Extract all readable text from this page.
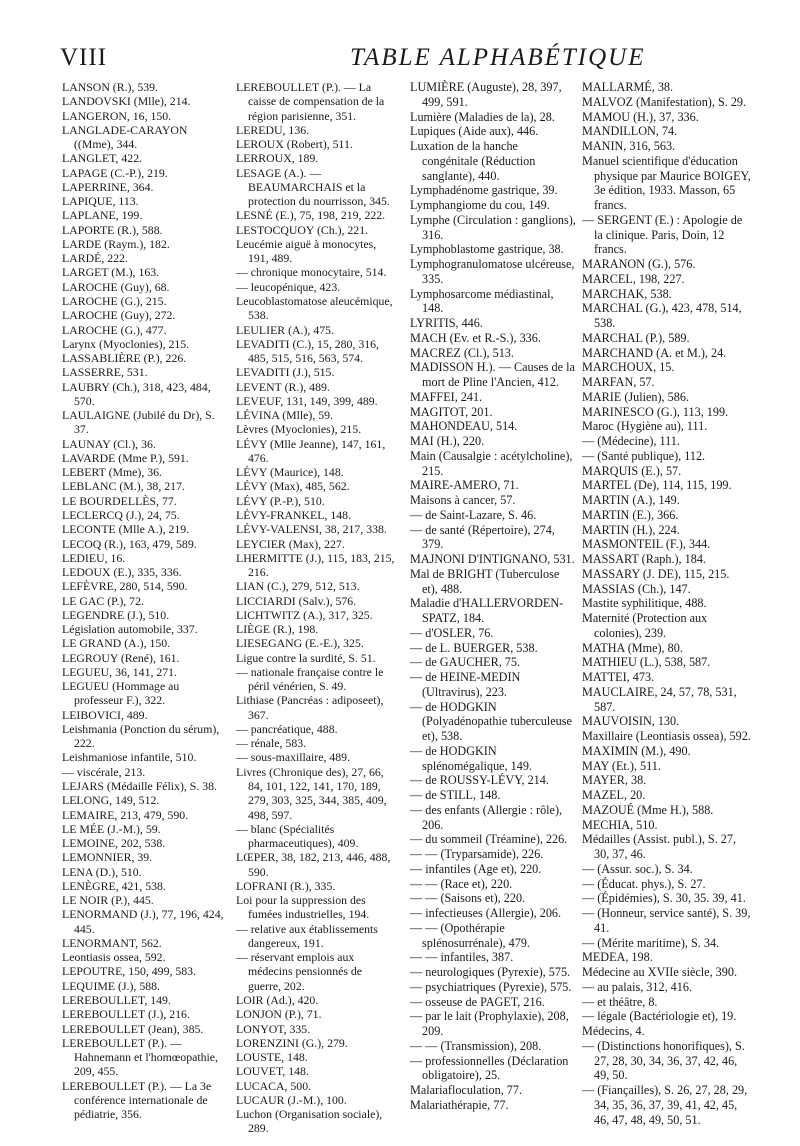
VIII	TABLE ALPHABÉTIQUE
LANSON (R.), 539.
LANDOVSKI (Mlle), 214.
LANGERON, 16, 150.
LANGLADE-CARAYON ((Mme), 344.
LANGLET, 422.
LAPAGE (C.-P.), 219.
LAPERRINE, 364.
LAPIQUE, 113.
LAPLANE, 199.
LAPORTE (R.), 588.
LARDE (Raym.), 182.
LARDÉ, 222.
LARGET (M.), 163.
LAROCHE (Guy), 68.
LAROCHE (G.), 215.
LAROCHE (Guy), 272.
LAROCHE (G.), 477.
Larynx (Myoclonies), 215.
LASSABLIÈRE (P.), 226.
LASSERRE, 531.
LAUBRY (Ch.), 318, 423, 484, 570.
LAULAIGNE (Jubilé du Dr), S. 37.
LAUNAY (Cl.), 36.
LAVARDE (Mme P.), 591.
LEBERT (Mme), 36.
LEBLANC (M.), 38, 217.
LE BOURDELLÈS, 77.
LECLERCQ (J.), 24, 75.
LECONTE (Mlle A.), 219.
LECOQ (R.), 163, 479, 589.
LEDIEU, 16.
LEDOUX (E.), 335, 336.
LEFÈVRE, 280, 514, 590.
LE GAC (P.), 72.
LEGENDRE (J.), 510.
Législation automobile, 337.
LE GRAND (A.), 150.
LEGROUY (René), 161.
LEGUEU, 36, 141, 271.
LEGUEU (Hommage au professeur F.), 322.
LEIBOVICI, 489.
Leishmania (Ponction du sérum), 222.
Leishmaniose infantile, 510.
— viscérale, 213.
LEJARS (Médaille Félix), S. 38.
LELONG, 149, 512.
LEMAIRE, 213, 479, 590.
LE MÉE (J.-M.), 59.
LEMOINE, 202, 538.
LEMONNIER, 39.
LENA (D.), 510.
LENÈGRE, 421, 538.
LE NOIR (P.), 445.
LENORMAND (J.), 77, 196, 424, 445.
LENORMANT, 562.
Leontiasis ossea, 592.
LEPOUTRE, 150, 499, 583.
LEQUIME (J.), 588.
LEREBOULLET, 149.
LEREBOULLET (J.), 216.
LEREBOULLET (Jean), 385.
LEREBOULLET (P.). — Hahnemann et l'homœopathie, 209, 455.
LEREBOULLET (P.). — La 3e conférence internationale de pédiatrie, 356.
LEREBOULLET (P.). — La caisse de compensation de la région parisienne, 351.
LEREDU, 136.
LEROUX (Robert), 511.
LERROUX, 189.
LESAGE (A.). — BEAUMARCHAIS et la protection du nourrisson, 345.
LESNÉ (E.), 75, 198, 219, 222.
LESTOCQUOY (Ch.), 221.
Leucémie aiguë à monocytes, 191, 489.
— chronique monocytaire, 514.
— leucopénique, 423.
Leucoblastomatose aleucémique, 538.
LEULIER (A.), 475.
LEVADITI (C.), 15, 280, 316, 485, 515, 516, 563, 574.
LEVADITI (J.), 515.
LEVENT (R.), 489.
LEVEUF, 131, 149, 399, 489.
LÉVINA (Mlle), 59.
Lèvres (Myoclonies), 215.
LÉVY (Mlle Jeanne), 147, 161, 476.
LÉVY (Maurice), 148.
LÉVY (Max), 485, 562.
LÉVY (P.-P.), 510.
LÉVY-FRANKEL, 148.
LÉVY-VALENSI, 38, 217, 338.
LEYCIER (Max), 227.
LHERMITTE (J.), 115, 183, 215, 216.
LIAN (C.), 279, 512, 513.
LICCIARDI (Salv.), 576.
LICHTWITZ (A.), 317, 325.
LIÈGE (R.), 198.
LIESEGANG (E.-E.), 325.
Ligue contre la surdité, S. 51.
— nationale française contre le péril vénérien, S. 49.
Lithiase (Pancréas : adiposeet), 367.
— pancréatique, 488.
— rénale, 583.
— sous-maxillaire, 489.
Livres (Chronique des), 27, 66, 84, 101, 122, 141, 170, 189, 279, 303, 325, 344, 385, 409, 498, 597.
— blanc (Spécialités pharmaceutiques), 409.
LŒPER, 38, 182, 213, 446, 488, 590.
LOFRANI (R.), 335.
Loi pour la suppression des fumées industrielles, 194.
— relative aux établissements dangereux, 191.
— réservant emplois aux médecins pensionnés de guerre, 202.
LOIR (Ad.), 420.
LONJON (P.), 71.
LONYOT, 335.
LORENZINI (G.), 279.
LOUSTE, 148.
LOUVET, 148.
LUCACA, 500.
LUCAUR (J.-M.), 100.
Luchon (Organisation sociale), 289.
LUMIÈRE (Auguste), 28, 397, 499, 591.
Lumière (Maladies de la), 28.
Lupiques (Aide aux), 446.
Luxation de la hanche congénitale (Réduction sanglante), 440.
Lymphadénome gastrique, 39.
Lymphangiome du cou, 149.
Lymphe (Circulation : ganglions), 316.
Lymphoblastome gastrique, 38.
Lymphogranulomatose ulcéreuse, 335.
Lymphosarcome médiastinal, 148.
LYRITIS, 446.
MACH (Ev. et R.-S.), 336.
MACREZ (Cl.), 513.
MADISSON H.). — Causes de la mort de Pline l'Ancien, 412.
MAFFEI, 241.
MAGITOT, 201.
MAHONDEAU, 514.
MAI (H.), 220.
Main (Causalgie : acétylcholine), 215.
MAIRE-AMERO, 71.
Maisons à cancer, 57.
— de Saint-Lazare, S. 46.
— de santé (Répertoire), 274, 379.
MAJNONI D'INTIGNANO, 531.
Mal de BRIGHT (Tuberculose et), 488.
Maladie d'HALLERVORDEN-SPATZ, 184.
— d'OSLER, 76.
— de L. BUERGER, 538.
— de GAUCHER, 75.
— de HEINE-MEDIN (Ultravirus), 223.
— de HODGKIN (Polyadénopathie tuberculeuse et), 538.
— de HODGKIN splénomégalique, 149.
— de ROUSSY-LÉVY, 214.
— de STILL, 148.
— des enfants (Allergie : rôle), 206.
— du sommeil (Tréamine), 226.
— — (Tryparsamide), 226.
— infantiles (Age et), 220.
— — (Race et), 220.
— — (Saisons et), 220.
— infectieuses (Allergie), 206.
— — (Opothérapie splénosurrénale), 479.
— — infantiles, 387.
— neurologiques (Pyrexie), 575.
— psychiatriques (Pyrexie), 575.
— osseuse de PAGET, 216.
— par le lait (Prophylaxie), 208, 209.
— — (Transmission), 208.
— professionnelles (Déclaration obligatoire), 25.
Malariafloculation, 77.
Malariathérapie, 77.
MALLARMÉ, 38.
MALVOZ (Manifestation), S. 29.
MAMOU (H.), 37, 336.
MANDILLON, 74.
MANIN, 316, 563.
Manuel scientifique d'éducation physique par Maurice BOIGEY, 3e édition, 1933. Masson, 65 francs.
— SERGENT (E.) : Apologie de la clinique. Paris, Doin, 12 francs.
MARANON (G.), 576.
MARCEL, 198, 227.
MARCHAK, 538.
MARCHAL (G.), 423, 478, 514, 538.
MARCHAL (P.), 589.
MARCHAND (A. et M.), 24.
MARCHOUX, 15.
MARFAN, 57.
MARIE (Julien), 586.
MARINESCO (G.), 113, 199.
Maroc (Hygiène au), 111.
— (Médecine), 111.
— (Santé publique), 112.
MARQUIS (E.), 57.
MARTEL (De), 114, 115, 199.
MARTIN (A.), 149.
MARTIN (E.), 366.
MARTIN (H.), 224.
MASMONTEIL (F.), 344.
MASSART (Raph.), 184.
MASSARY (J. DE), 115, 215.
MASSIAS (Ch.), 147.
Mastite syphilitique, 488.
Maternité (Protection aux colonies), 239.
MATHA (Mme), 80.
MATHIEU (L.), 538, 587.
MATTEI, 473.
MAUCLAIRE, 24, 57, 78, 531, 587.
MAUVOISIN, 130.
Maxillaire (Leontiasis ossea), 592.
MAXIMIN (M.), 490.
MAY (Et.), 511.
MAYER, 38.
MAZEL, 20.
MAZOUÉ (Mme H.), 588.
MECHIA, 510.
Médailles (Assist. publ.), S. 27, 30, 37, 46.
— (Assur. soc.), S. 34.
— (Éducat. phys.), S. 27.
— (Épidémies), S. 30, 35. 39, 41.
— (Honneur, service santé), S. 39, 41.
— (Mérite maritime), S. 34.
MEDEA, 198.
Médecine au XVIIe siècle, 390.
— au palais, 312, 416.
— et théâtre, 8.
— légale (Bactériologie et), 19.
Médecins, 4.
— (Distinctions honorifiques), S. 27, 28, 30, 34, 36, 37, 42, 46, 49, 50.
— (Fiançailles), S. 26, 27, 28, 29, 34, 35, 36, 37, 39, 41, 42, 45, 46, 47, 48, 49, 50, 51.
